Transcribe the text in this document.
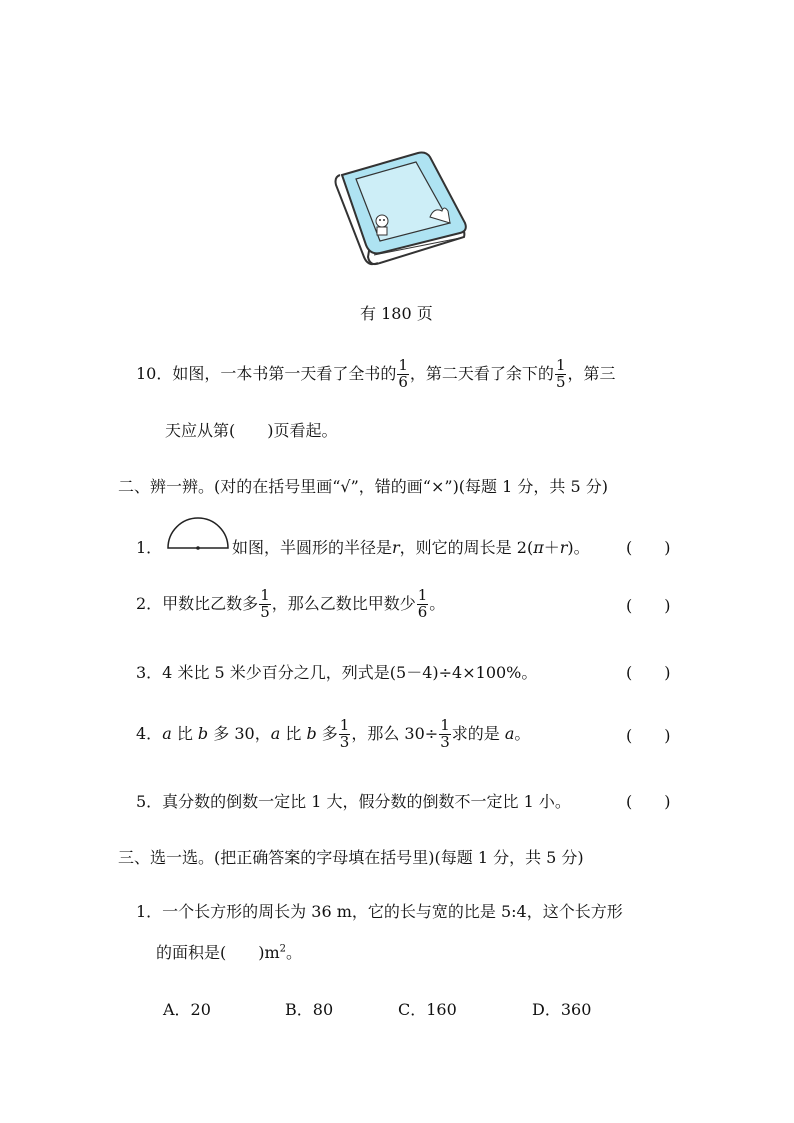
有 180 页
10．如图，一本书第一天看了全书的 $\frac{1}{6}$ ，第二天看了余下的 $\frac{1}{5}$ ，第三
天应从第(　　)页看起。
二、辨一辨。(对的在括号里画“√”，错的画“×”)(每题 1 分，共 5 分)
1．	如图，半圆形的半径是r，则它的周长是 2(π＋r)。 (　　)
2．甲数比乙数多 $\frac{1}{5}$ ，那么乙数比甲数少 $\frac{1}{6}$ 。	(　　)
3．4 米比 5 米少百分之几，列式是(5－4)÷4×100%。	(　　)
4．a 比 b 多 30，a 比 b 多 $\frac{1}{3}$ ，那么 $30\div \frac{1}{3}$ 求的是 a。	(　　)
5．真分数的倒数一定比 1 大，假分数的倒数不一定比 1 小。	(　　)
三、选一选。(把正确答案的字母填在括号里)(每题 1 分，共 5 分)
1．一个长方形的周长为 36 m，它的长与宽的比是 5:4，这个长方形
的面积是(　　)$m^2$。
A．20	B．80	C．160	D．360
